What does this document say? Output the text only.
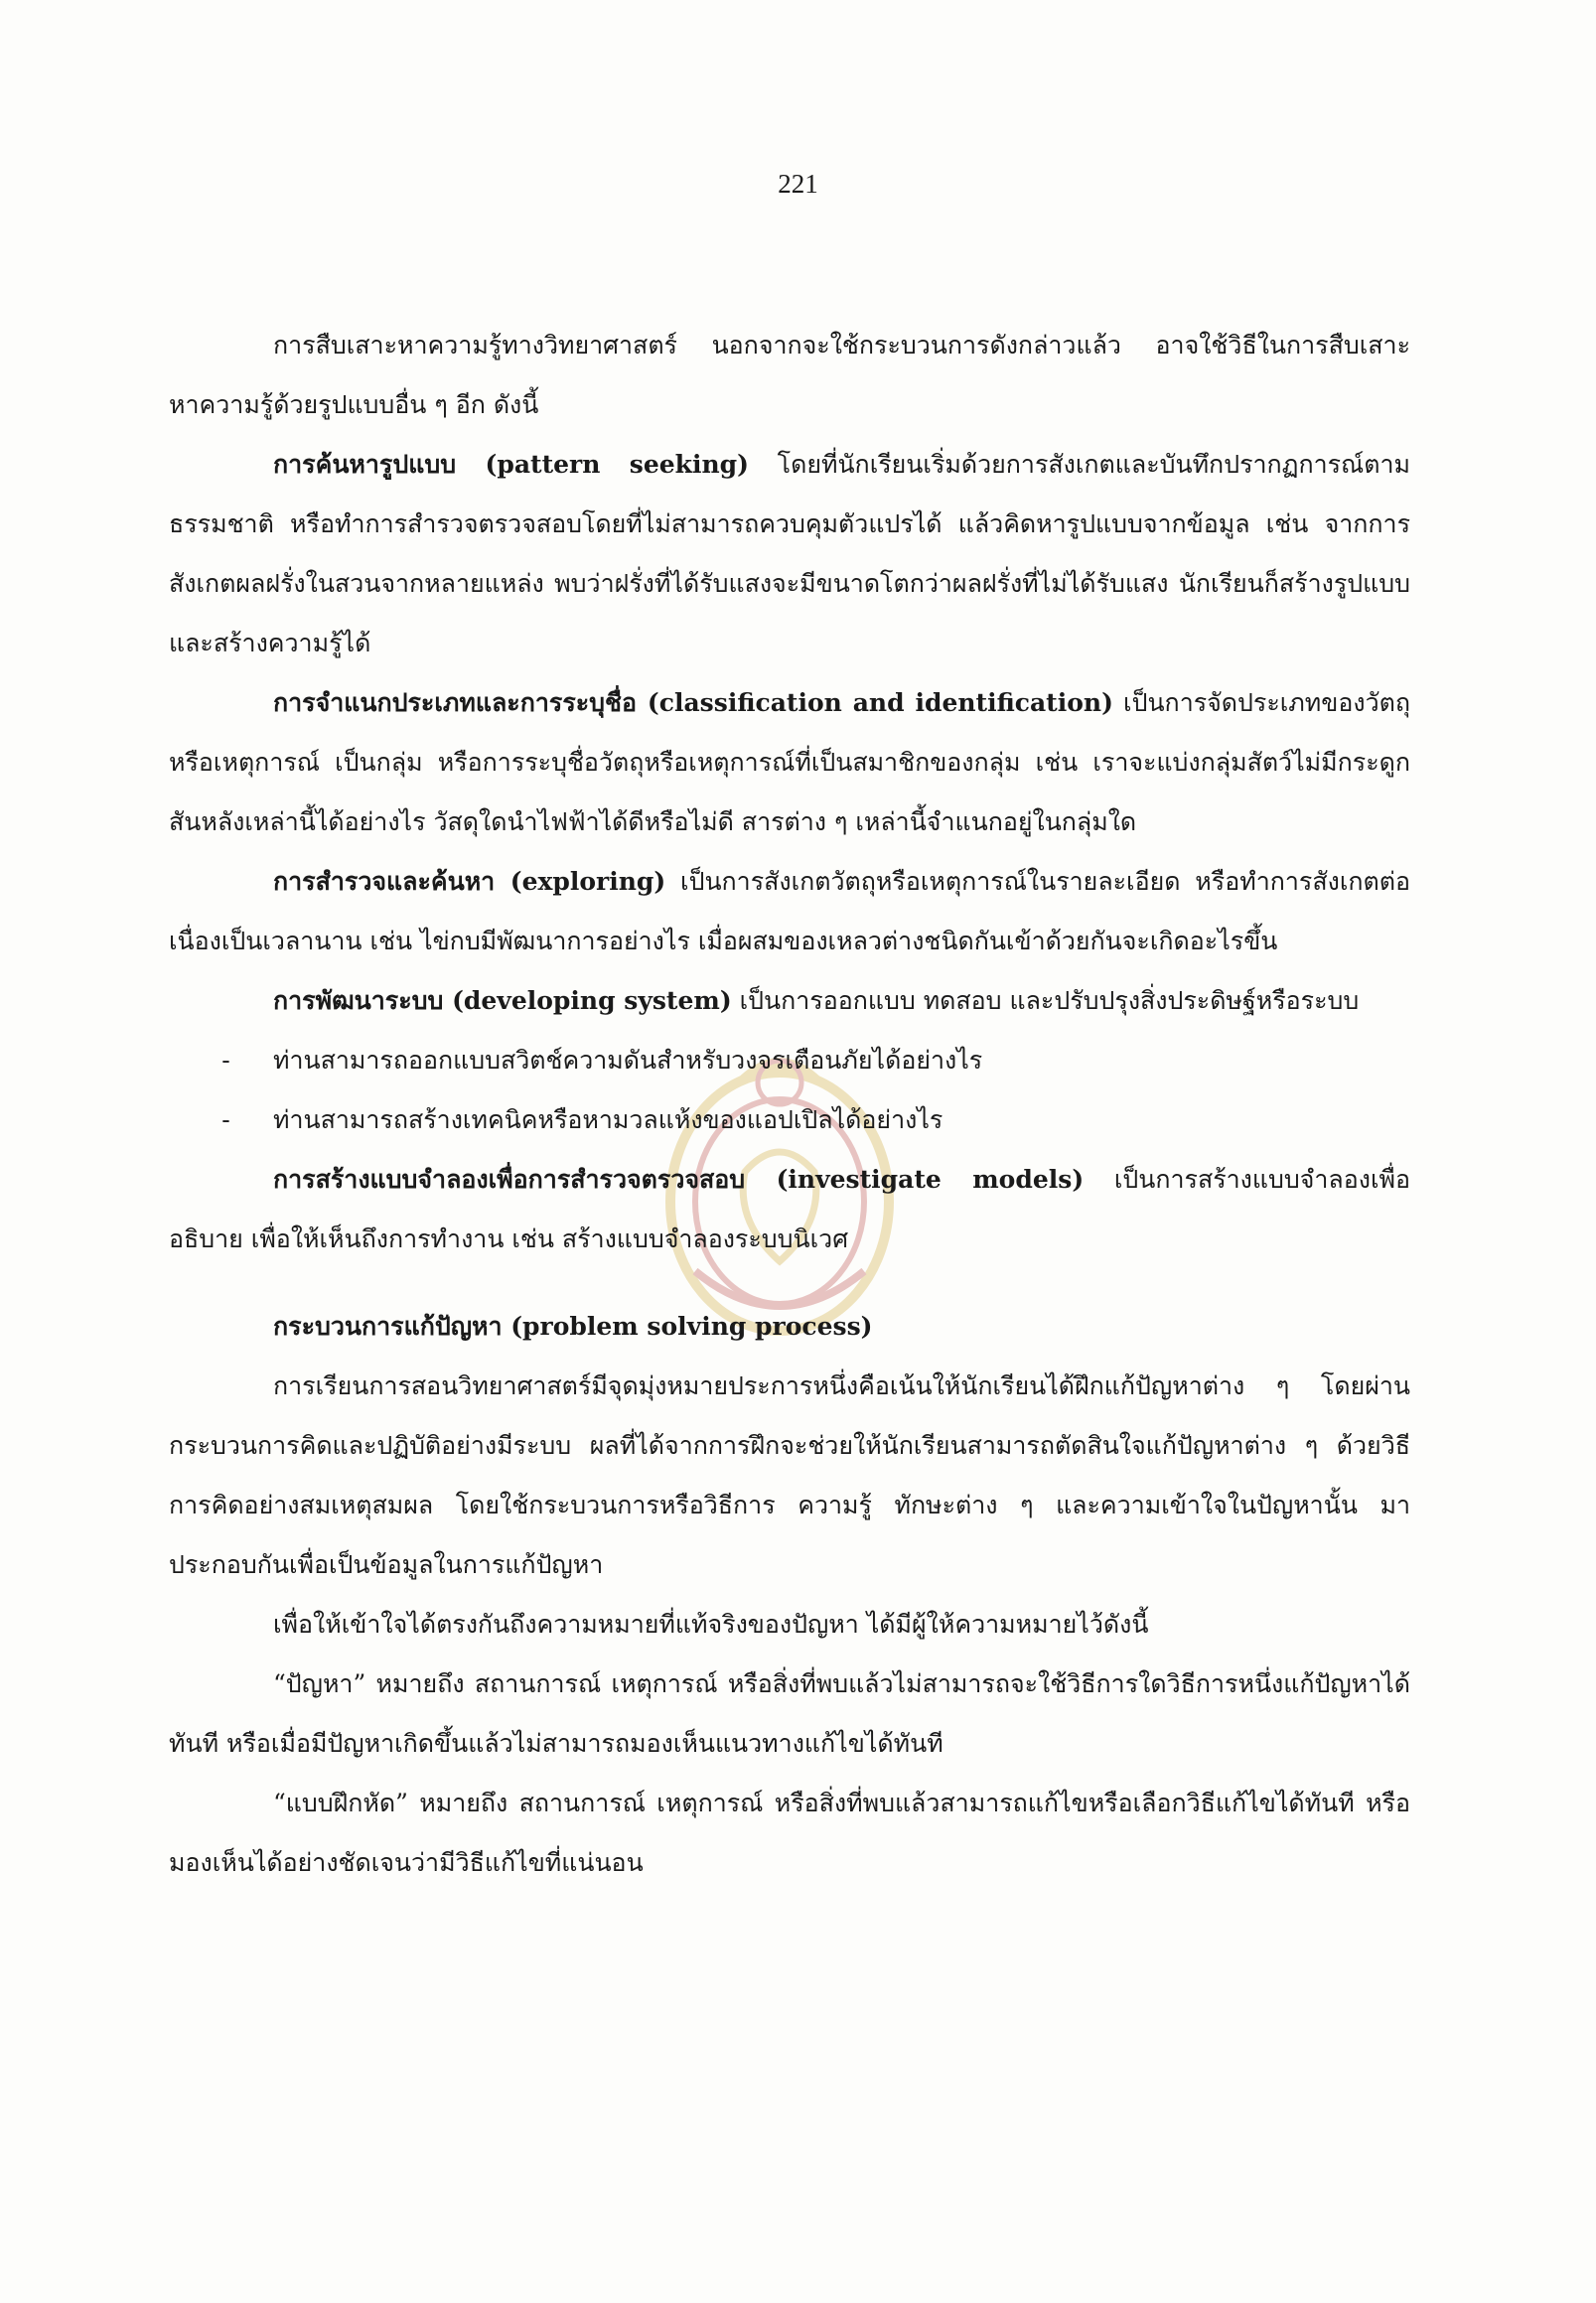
221

การสืบเสาะหาความรู้ทางวิทยาศาสตร์ นอกจากจะใช้กระบวนการดังกล่าวแล้ว อาจใช้วิธีในการสืบเสาะหาความรู้ด้วยรูปแบบอื่น ๆ อีก ดังนี้

การค้นหารูปแบบ (pattern seeking) โดยที่นักเรียนเริ่มด้วยการสังเกตและบันทึกปรากฏการณ์ตามธรรมชาติ หรือทำการสำรวจตรวจสอบโดยที่ไม่สามารถควบคุมตัวแปรได้ แล้วคิดหารูปแบบจากข้อมูล เช่น จากการสังเกตผลฝรั่งในสวนจากหลายแหล่ง พบว่าฝรั่งที่ได้รับแสงจะมีขนาดโตกว่าผลฝรั่งที่ไม่ได้รับแสง นักเรียนก็สร้างรูปแบบและสร้างความรู้ได้

การจำแนกประเภทและการระบุชื่อ (classification and identification) เป็นการจัดประเภทของวัตถุหรือเหตุการณ์ เป็นกลุ่ม หรือการระบุชื่อวัตถุหรือเหตุการณ์ที่เป็นสมาชิกของกลุ่ม เช่น เราจะแบ่งกลุ่มสัตว์ไม่มีกระดูกสันหลังเหล่านี้ได้อย่างไร วัสดุใดนำไฟฟ้าได้ดีหรือไม่ดี สารต่าง ๆ เหล่านี้จำแนกอยู่ในกลุ่มใด

การสำรวจและค้นหา (exploring) เป็นการสังเกตวัตถุหรือเหตุการณ์ในรายละเอียด หรือทำการสังเกตต่อเนื่องเป็นเวลานาน เช่น ไข่กบมีพัฒนาการอย่างไร เมื่อผสมของเหลวต่างชนิดกันเข้าด้วยกันจะเกิดอะไรขึ้น

การพัฒนาระบบ (developing system) เป็นการออกแบบ ทดสอบ และปรับปรุงสิ่งประดิษฐ์หรือระบบ

-	ท่านสามารถออกแบบสวิตช์ความดันสำหรับวงจรเตือนภัยได้อย่างไร
-	ท่านสามารถสร้างเทคนิคหรือหามวลแห้งของแอปเปิลได้อย่างไร

การสร้างแบบจำลองเพื่อการสำรวจตรวจสอบ (investigate models) เป็นการสร้างแบบจำลองเพื่ออธิบาย เพื่อให้เห็นถึงการทำงาน เช่น สร้างแบบจำลองระบบนิเวศ

กระบวนการแก้ปัญหา (problem solving process)

การเรียนการสอนวิทยาศาสตร์มีจุดมุ่งหมายประการหนึ่งคือเน้นให้นักเรียนได้ฝึกแก้ปัญหาต่าง ๆ โดยผ่านกระบวนการคิดและปฏิบัติอย่างมีระบบ ผลที่ได้จากการฝึกจะช่วยให้นักเรียนสามารถตัดสินใจแก้ปัญหาต่าง ๆ ด้วยวิธีการคิดอย่างสมเหตุสมผล โดยใช้กระบวนการหรือวิธีการ ความรู้ ทักษะต่าง ๆ และความเข้าใจในปัญหานั้น มาประกอบกันเพื่อเป็นข้อมูลในการแก้ปัญหา

เพื่อให้เข้าใจได้ตรงกันถึงความหมายที่แท้จริงของปัญหา ได้มีผู้ให้ความหมายไว้ดังนี้

“ปัญหา” หมายถึง สถานการณ์ เหตุการณ์ หรือสิ่งที่พบแล้วไม่สามารถจะใช้วิธีการใดวิธีการหนึ่งแก้ปัญหาได้ทันที หรือเมื่อมีปัญหาเกิดขึ้นแล้วไม่สามารถมองเห็นแนวทางแก้ไขได้ทันที

“แบบฝึกหัด” หมายถึง สถานการณ์ เหตุการณ์ หรือสิ่งที่พบแล้วสามารถแก้ไขหรือเลือกวิธีแก้ไขได้ทันที หรือมองเห็นได้อย่างชัดเจนว่ามีวิธีแก้ไขที่แน่นอน
